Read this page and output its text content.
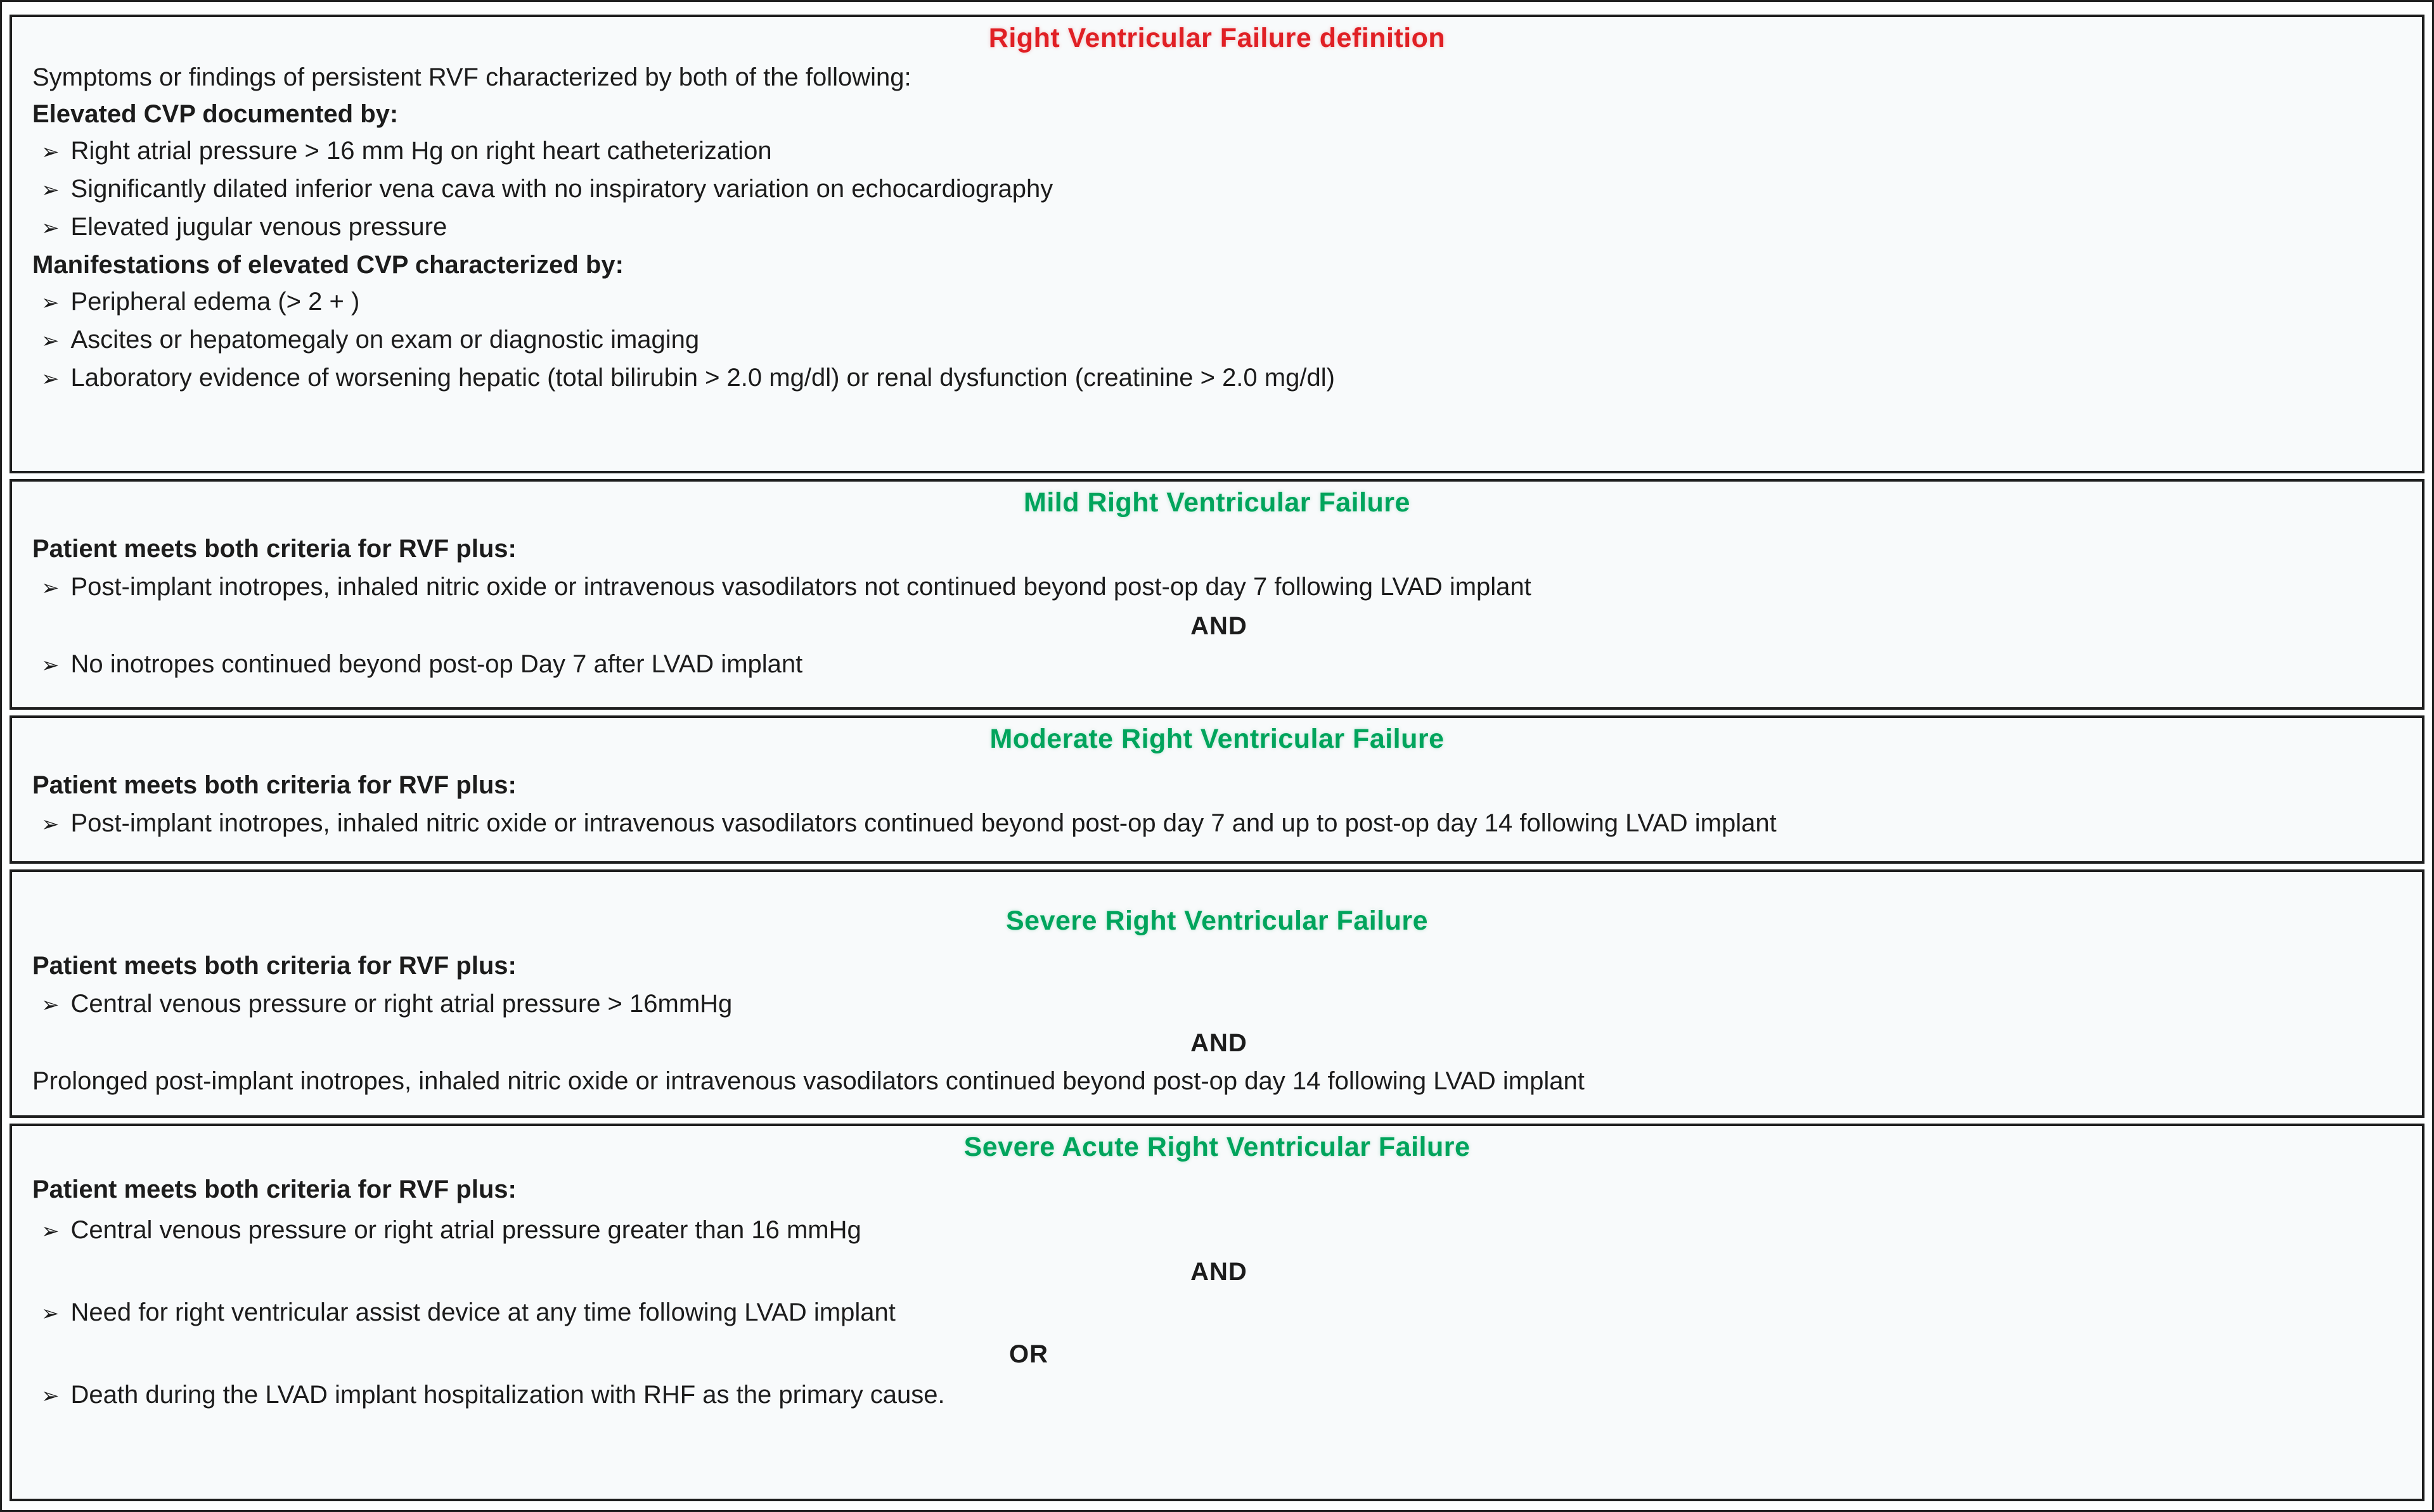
Right Ventricular Failure definition
Symptoms or findings of persistent RVF characterized by both of the following:
Elevated CVP documented by:
➢ Right atrial pressure > 16 mm Hg on right heart catheterization
➢ Significantly dilated inferior vena cava with no inspiratory variation on echocardiography
➢ Elevated jugular venous pressure
Manifestations of elevated CVP characterized by:
➢ Peripheral edema (> 2 + )
➢ Ascites or hepatomegaly on exam or diagnostic imaging
➢ Laboratory evidence of worsening hepatic (total bilirubin > 2.0 mg/dl) or renal dysfunction (creatinine > 2.0 mg/dl)
Mild Right Ventricular Failure
Patient meets both criteria for RVF plus:
➢ Post-implant inotropes, inhaled nitric oxide or intravenous vasodilators not continued beyond post-op day 7 following LVAD implant
AND
➢ No inotropes continued beyond post-op Day 7 after LVAD implant
Moderate Right Ventricular Failure
Patient meets both criteria for RVF plus:
➢ Post-implant inotropes, inhaled nitric oxide or intravenous vasodilators continued beyond post-op day 7 and up to post-op day 14 following LVAD implant
Severe Right Ventricular Failure
Patient meets both criteria for RVF plus:
➢ Central venous pressure or right atrial pressure > 16mmHg
AND
Prolonged post-implant inotropes, inhaled nitric oxide or intravenous vasodilators continued beyond post-op day 14 following LVAD implant
Severe Acute Right Ventricular Failure
Patient meets both criteria for RVF plus:
➢ Central venous pressure or right atrial pressure greater than 16 mmHg
AND
➢ Need for right ventricular assist device at any time following LVAD implant
OR
➢ Death during the LVAD implant hospitalization with RHF as the primary cause.
